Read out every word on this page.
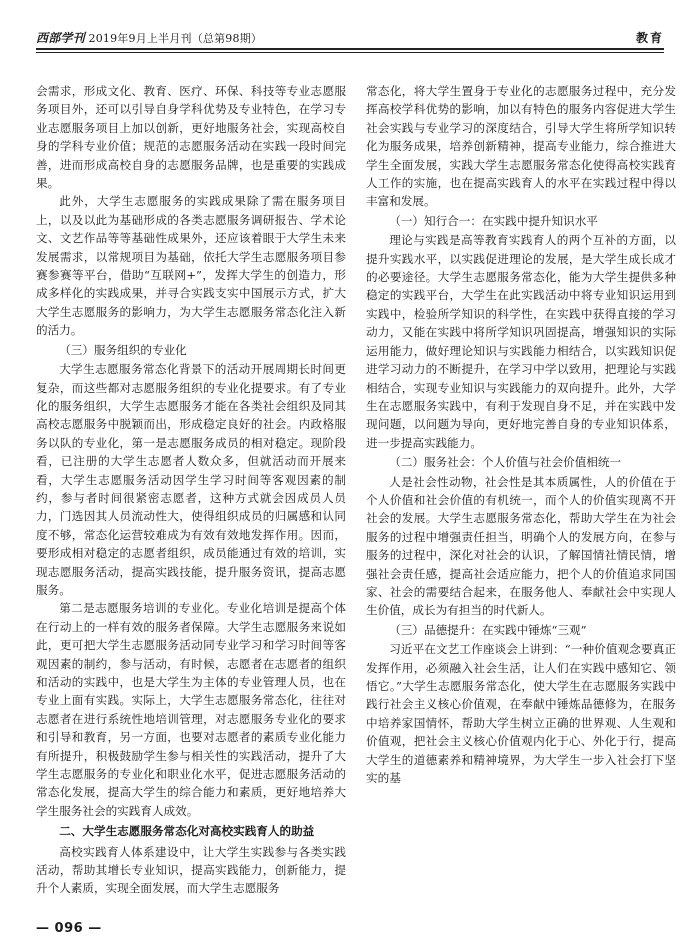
西部学刊 2019年9月上半月刊（总第98期）	教育

会需求，形成文化、教育、医疗、环保、科技等专业志愿服务项目外，还可以引导自身学科优势及专业特色，在学习专业志愿服务项目上加以创新，更好地服务社会，实现高校自身的学科专业价值；规范的志愿服务活动在实践一段时间完善，进而形成高校自身的志愿服务品牌，也是重要的实践成果。

此外，大学生志愿服务的实践成果除了需在服务项目上，以及以此为基础形成的各类志愿服务调研报告、学术论文、文艺作品等等基础性成果外，还应该着眼于大学生未来发展需求，以常规项目为基础，依托大学生志愿服务项目参赛参赛等平台，借助“互联网+”，发挥大学生的创造力，形成多样化的实践成果，并寻合实践支实中国展示方式，扩大大学生志愿服务的影响力，为大学生志愿服务常态化注入新的活力。

（三）服务组织的专业化

大学生志愿服务常态化背景下的活动开展周期长时间更复杂，而这些都对志愿服务组织的专业化提要求。有了专业化的服务组织，大学生志愿服务才能在各类社会组织及同其高校志愿服务中脱颖而出，形成稳定良好的社会。内政格服务以队的专业化，第一是志愿服务成员的相对稳定。现阶段看，已注册的大学生志愿者人数众多，但就活动而开展来看，大学生志愿服务活动因学生学习时间等客观因素的制约，参与者时间很紧密志愿者，这种方式就会因成员人员力，门选因其人员流动性大，使得组织成员的归属感和认同度不够，常态化运营较难成为有效有效地发挥作用。因而，要形成相对稳定的志愿者组织，成员能通过有效的培训，实现志愿服务活动，提高实践技能，提升服务资讯，提高志愿服务。

第二是志愿服务培训的专业化。专业化培训是提高个体在行动上的一样有效的服务者保障。大学生志愿服务来说如此，更可把大学生志愿服务活动同专业学习和学习时间等客观因素的制约，参与活动，有时候，志愿者在志愿者的组织和活动的实践中，也是大学生为主体的专业管理人员，也在专业上面有实践。实际上，大学生志愿服务常态化，往往对志愿者在进行系统性地培训管理，对志愿服务专业化的要求和引导和教育，另一方面，也要对志愿者的素质专业化能力有所提升，积极鼓励学生参与相关性的实践活动，提升了大学生志愿服务的专业化和职业化水平，促进志愿服务活动的常态化发展，提高大学生的综合能力和素质，更好地培养大学生服务社会的实践育人成效。

二、大学生志愿服务常态化对高校实践育人的助益

高校实践育人体系建设中，让大学生实践参与各类实践活动，帮助其增长专业知识，提高实践能力，创新能力，提升个人素质，实现全面发展，而大学生志愿服务

常态化，将大学生置身于专业化的志愿服务过程中，充分发挥高校学科优势的影响，加以有特色的服务内容促进大学生社会实践与专业学习的深度结合，引导大学生将所学知识转化为服务成果，培养创新精神，提高专业能力，综合推进大学生全面发展，实践大学生志愿服务常态化使得高校实践育人工作的实施，也在提高实践育人的水平在实践过程中得以丰富和发展。

（一）知行合一：在实践中提升知识水平

理论与实践是高等教育实践育人的两个互补的方面，以提升实践水平，以实践促进理论的发展，是大学生成长成才的必要途径。大学生志愿服务常态化，能为大学生提供多种稳定的实践平台，大学生在此实践活动中将专业知识运用到实践中，检验所学知识的科学性，在实践中获得直接的学习动力，又能在实践中将所学知识巩固提高，增强知识的实际运用能力，做好理论知识与实践能力相结合，以实践知识促进学习动力的不断提升，在学习中学以致用，把理论与实践相结合，实现专业知识与实践能力的双向提升。此外，大学生在志愿服务实践中，有利于发现自身不足，并在实践中发现问题，以问题为导向，更好地完善自身的专业知识体系，进一步提高实践能力。

（二）服务社会：个人价值与社会价值相统一

人是社会性动物，社会性是其本质属性，人的价值在于个人价值和社会价值的有机统一，而个人的价值实现离不开社会的发展。大学生志愿服务常态化，帮助大学生在为社会服务的过程中增强责任担当，明确个人的发展方向，在参与服务的过程中，深化对社会的认识，了解国情社情民情，增强社会责任感，提高社会适应能力，把个人的价值追求同国家、社会的需要结合起来，在服务他人、奉献社会中实现人生价值，成长为有担当的时代新人。

（三）品德提升：在实践中锤炼“三观”

习近平在文艺工作座谈会上讲到：“一种价值观念要真正发挥作用，必须融入社会生活，让人们在实践中感知它、领悟它。”大学生志愿服务常态化，使大学生在志愿服务实践中践行社会主义核心价值观，在奉献中锤炼品德修为，在服务中培养家国情怀，帮助大学生树立正确的世界观、人生观和价值观，把社会主义核心价值观内化于心、外化于行，提高大学生的道德素养和精神境界，为大学生一步入社会打下坚实的基

— 096 —
